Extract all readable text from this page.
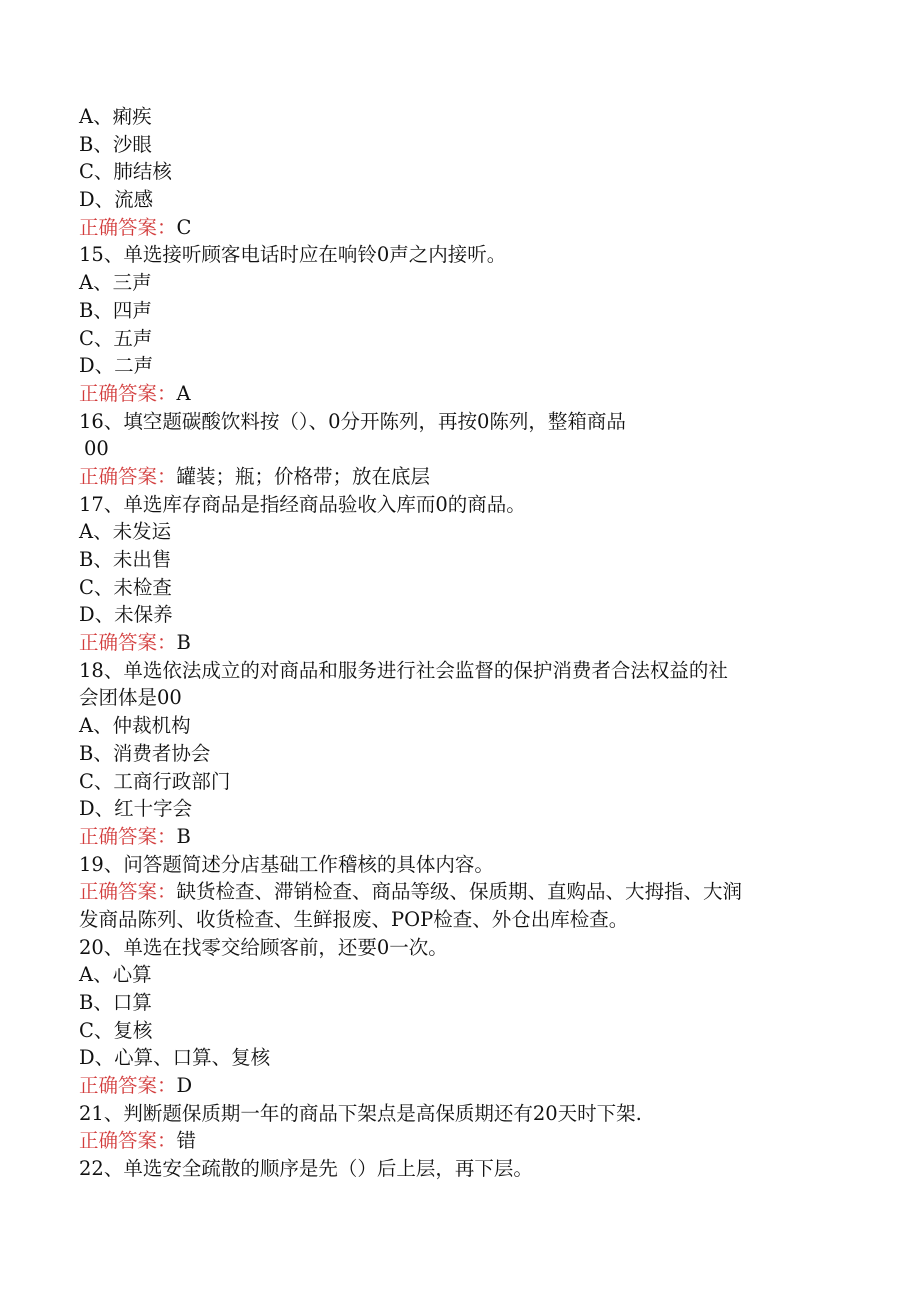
A、痢疾
B、沙眼
C、肺结核
D、流感
正确答案：C
15、单选接听顾客电话时应在响铃0声之内接听。
A、三声
B、四声
C、五声
D、二声
正确答案：A
16、填空题碳酸饮料按（）、0分开陈列，再按0陈列，整箱商品
00
正确答案：罐装；瓶；价格带；放在底层
17、单选库存商品是指经商品验收入库而0的商品。
A、未发运
B、未出售
C、未检查
D、未保养
正确答案：B
18、单选依法成立的对商品和服务进行社会监督的保护消费者合法权益的社
会团体是00
A、仲裁机构
B、消费者协会
C、工商行政部门
D、红十字会
正确答案：B
19、问答题简述分店基础工作稽核的具体内容。
正确答案：缺货检查、滞销检查、商品等级、保质期、直购品、大拇指、大润
发商品陈列、收货检查、生鲜报废、POP检查、外仓出库检查。
20、单选在找零交给顾客前，还要0一次。
A、心算
B、口算
C、复核
D、心算、口算、复核
正确答案：D
21、判断题保质期一年的商品下架点是高保质期还有20天时下架.
正确答案：错
22、单选安全疏散的顺序是先（）后上层，再下层。
